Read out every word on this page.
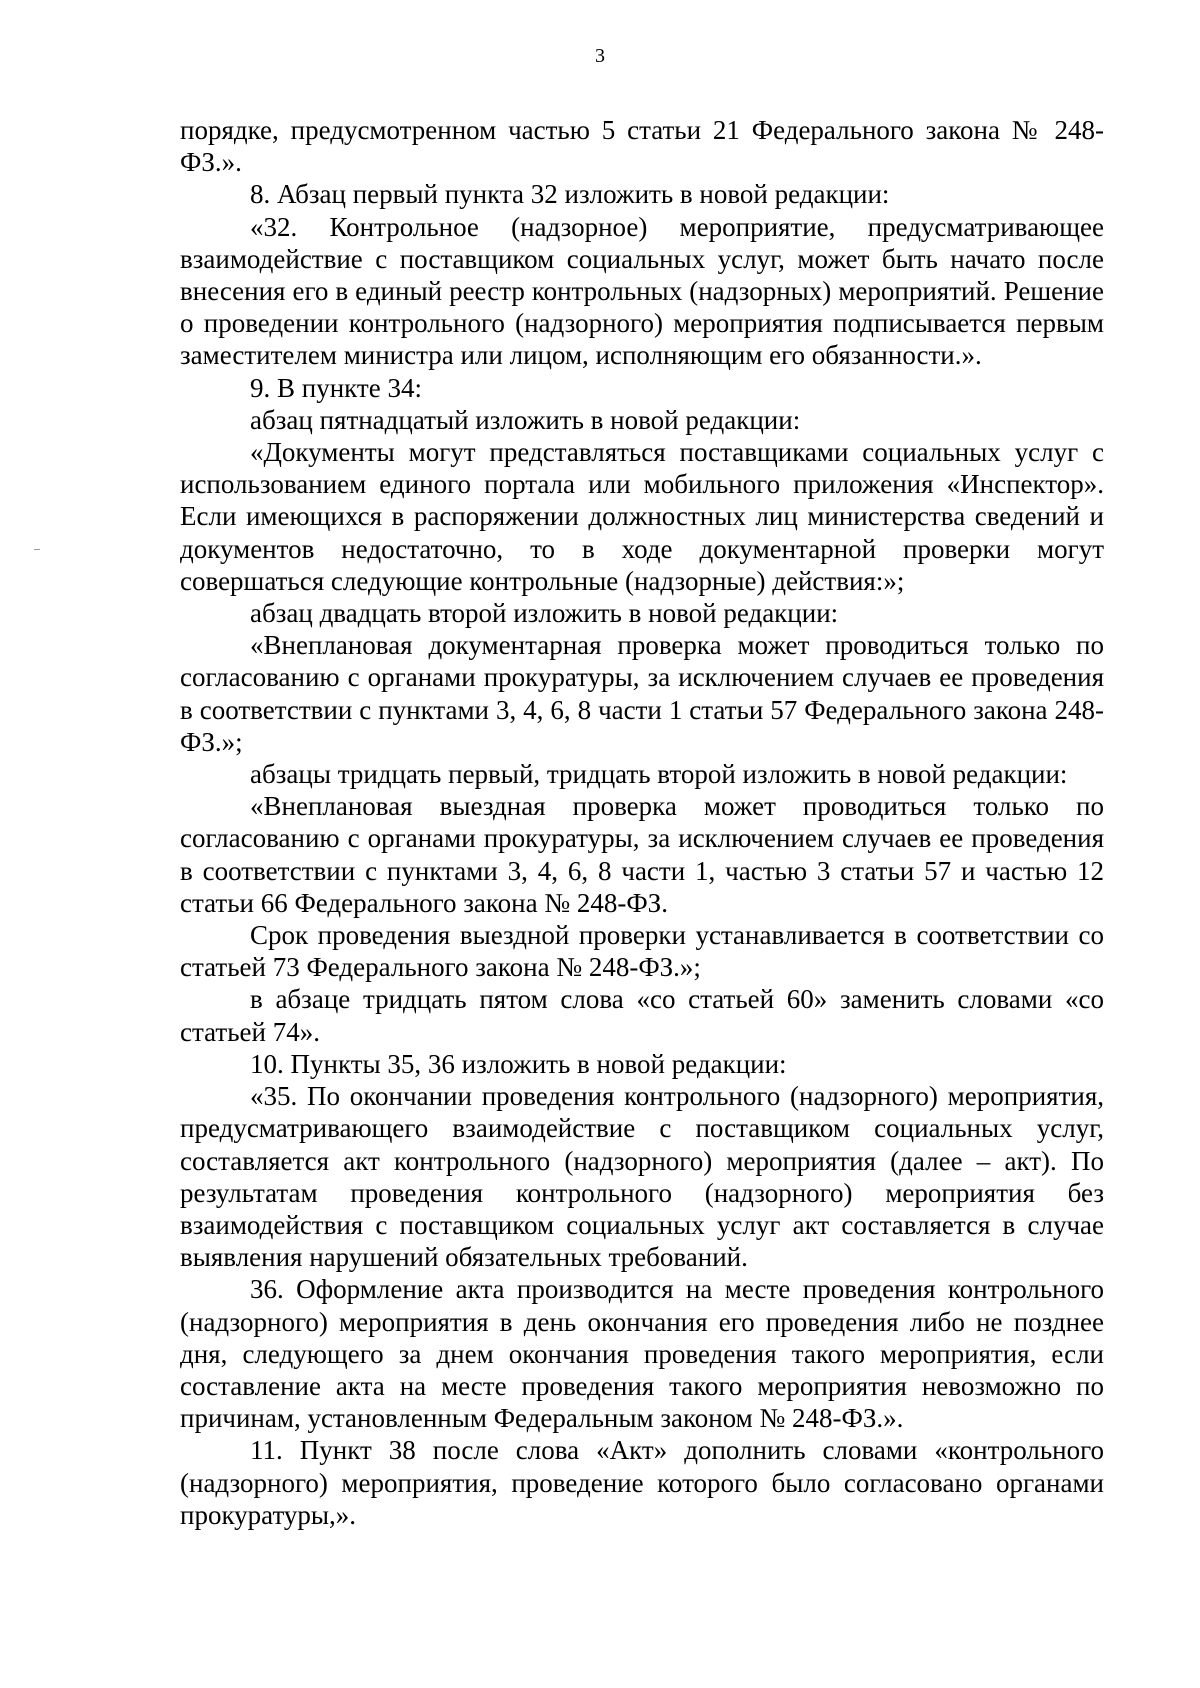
3

порядке, предусмотренном частью 5 статьи 21 Федерального закона № 248-ФЗ.».

8. Абзац первый пункта 32 изложить в новой редакции:

«32. Контрольное (надзорное) мероприятие, предусматривающее взаимодействие с поставщиком социальных услуг, может быть начато после внесения его в единый реестр контрольных (надзорных) мероприятий. Решение о проведении контрольного (надзорного) мероприятия подписывается первым заместителем министра или лицом, исполняющим его обязанности.».

9. В пункте 34:

абзац пятнадцатый изложить в новой редакции:

«Документы могут представляться поставщиками социальных услуг с использованием единого портала или мобильного приложения «Инспектор». Если имеющихся в распоряжении должностных лиц министерства сведений и документов недостаточно, то в ходе документарной проверки могут совершаться следующие контрольные (надзорные) действия:»;

абзац двадцать второй изложить в новой редакции:

«Внеплановая документарная проверка может проводиться только по согласованию с органами прокуратуры, за исключением случаев ее проведения в соответствии с пунктами 3, 4, 6, 8 части 1 статьи 57 Федерального закона 248-ФЗ.»;

абзацы тридцать первый, тридцать второй изложить в новой редакции:

«Внеплановая выездная проверка может проводиться только по согласованию с органами прокуратуры, за исключением случаев ее проведения в соответствии с пунктами 3, 4, 6, 8 части 1, частью 3 статьи 57 и частью 12 статьи 66 Федерального закона № 248-ФЗ.

Срок проведения выездной проверки устанавливается в соответствии со статьей 73 Федерального закона № 248-ФЗ.»;

в абзаце тридцать пятом слова «со статьей 60» заменить словами «со статьей 74».

10. Пункты 35, 36 изложить в новой редакции:

«35. По окончании проведения контрольного (надзорного) мероприятия, предусматривающего взаимодействие с поставщиком социальных услуг, составляется акт контрольного (надзорного) мероприятия (далее – акт). По результатам проведения контрольного (надзорного) мероприятия без взаимодействия с поставщиком социальных услуг акт составляется в случае выявления нарушений обязательных требований.

36. Оформление акта производится на месте проведения контрольного (надзорного) мероприятия в день окончания его проведения либо не позднее дня, следующего за днем окончания проведения такого мероприятия, если составление акта на месте проведения такого мероприятия невозможно по причинам, установленным Федеральным законом № 248-ФЗ.».

11. Пункт 38 после слова «Акт» дополнить словами «контрольного (надзорного) мероприятия, проведение которого было согласовано органами прокуратуры,».
